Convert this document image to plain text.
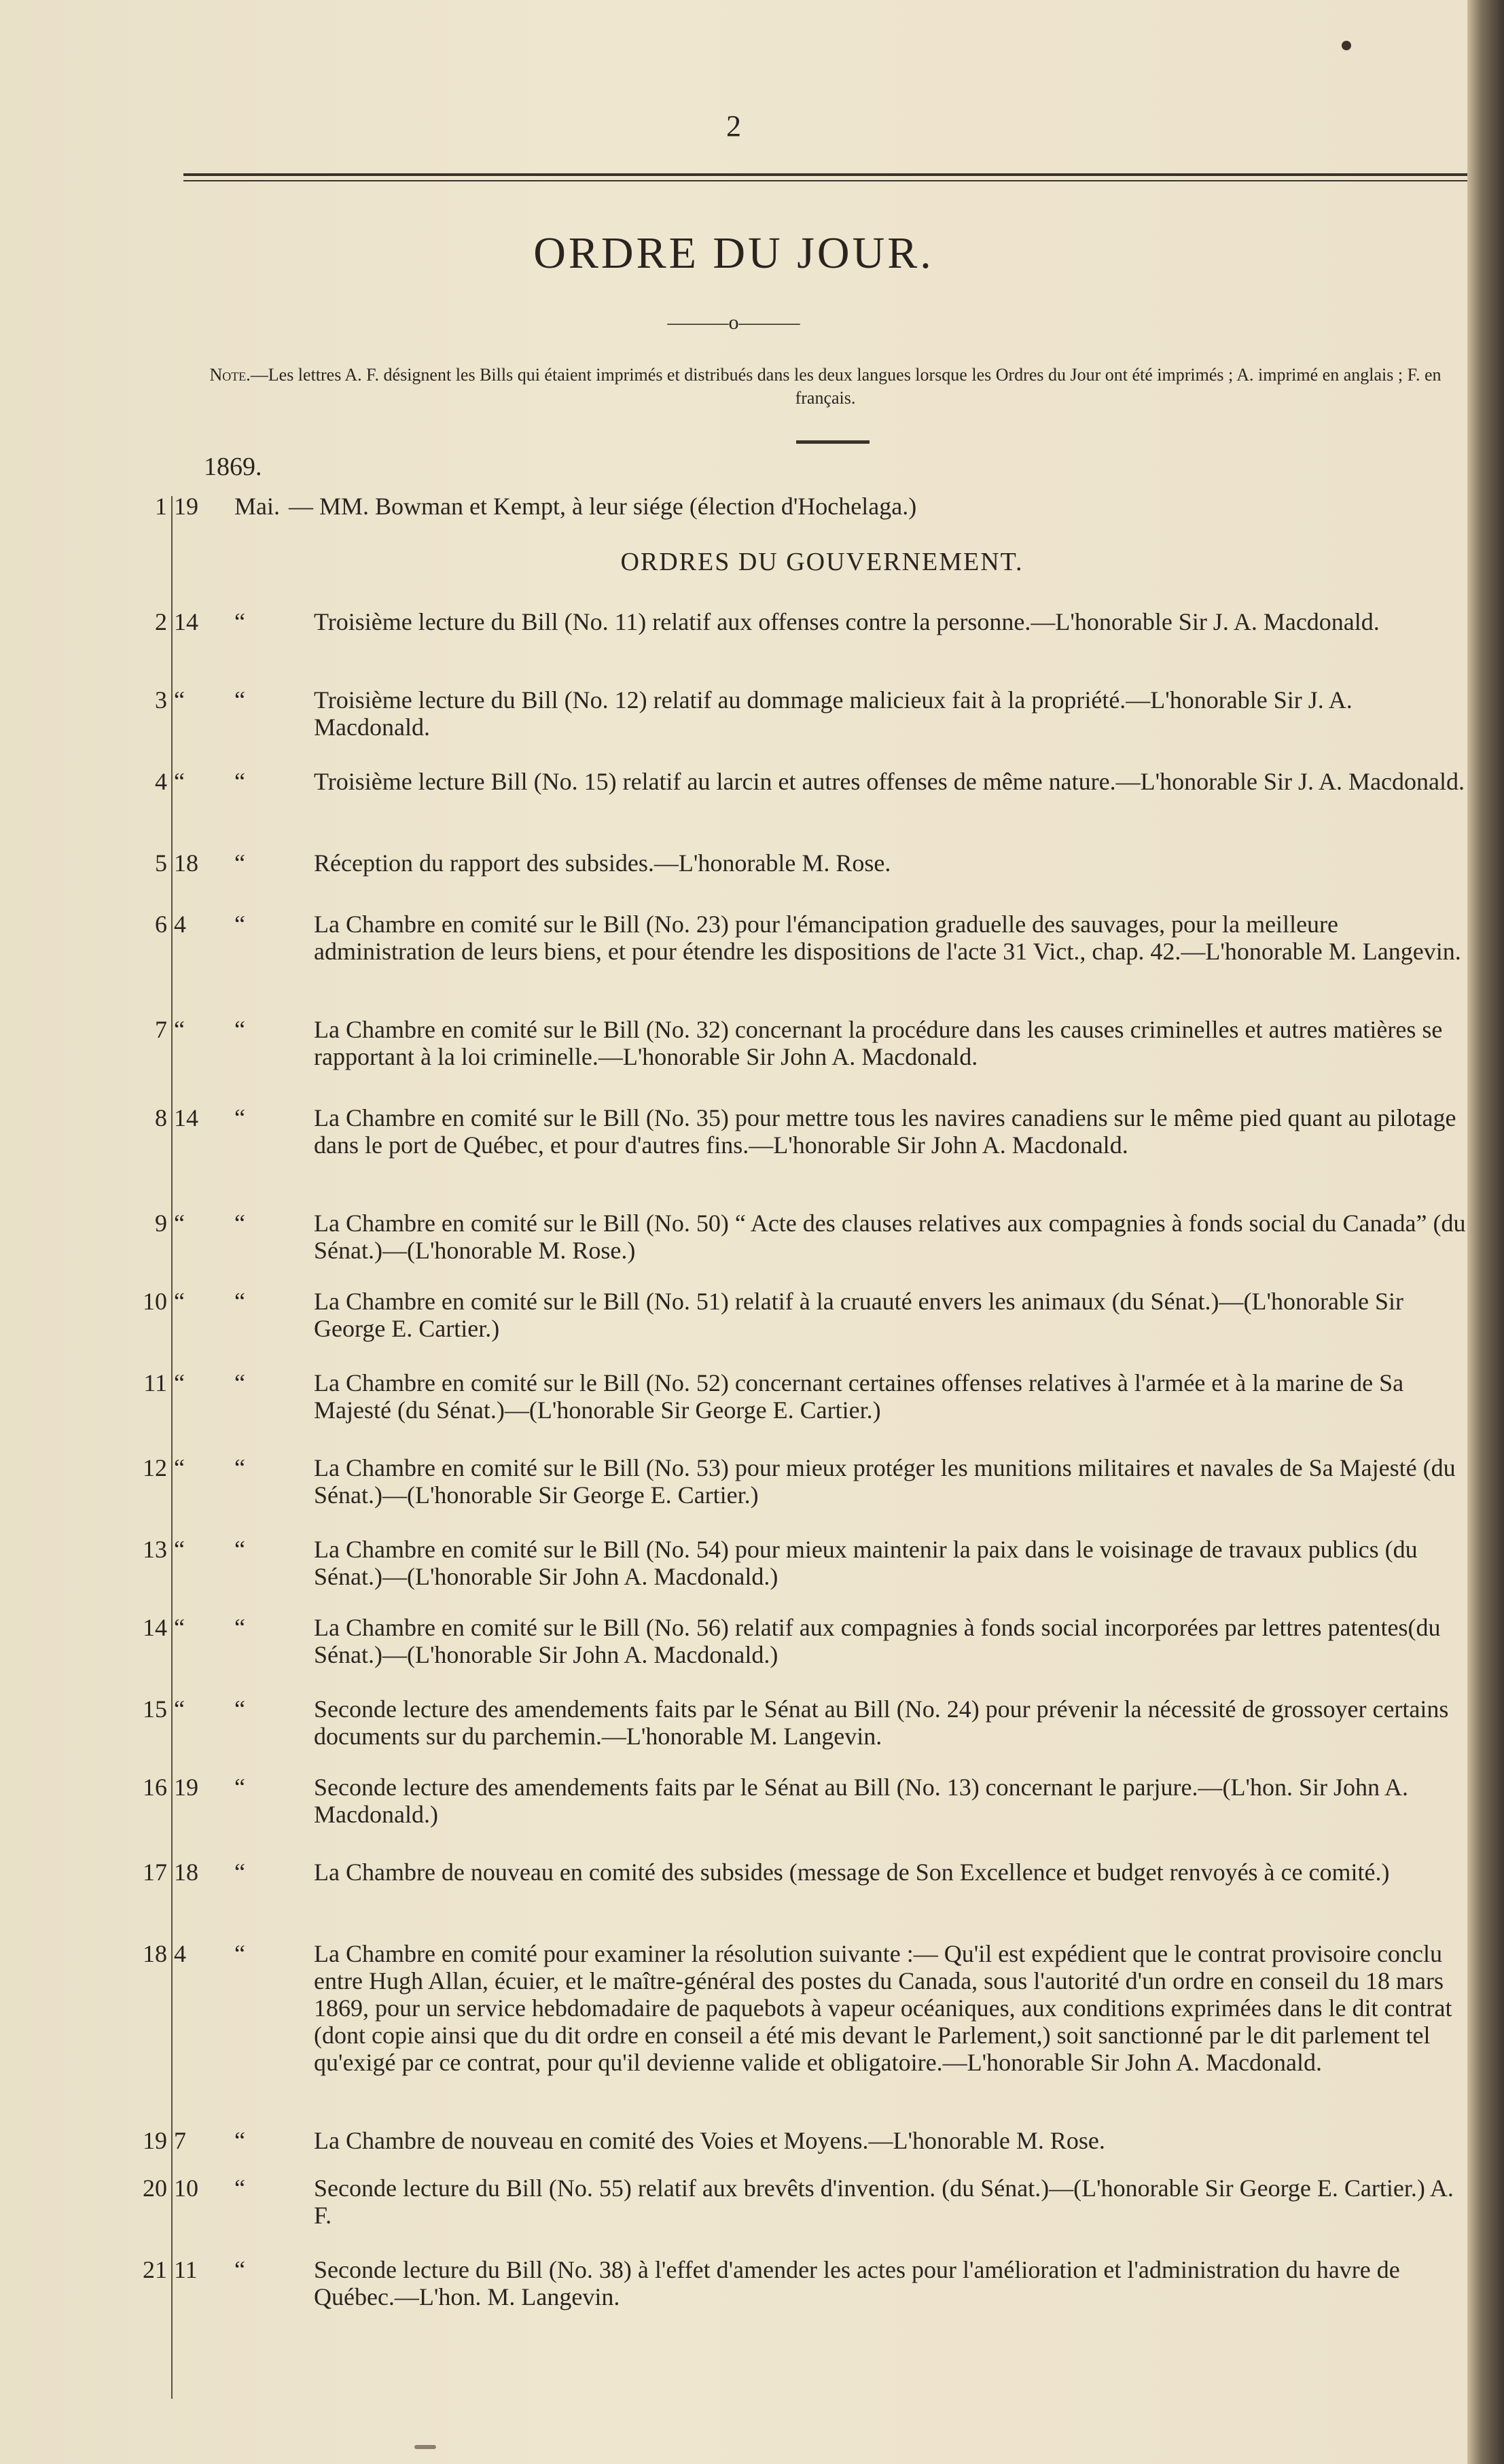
2
ORDRE DU JOUR.
———o———
Note.—Les lettres A. F. désignent les Bills qui étaient imprimés et distribués dans les deux langues lorsque les Ordres du Jour ont été imprimés ; A. imprimé en anglais ; F. en français.
1869.
ORDRES DU GOUVERNEMENT.
1 19	Mai. — MM. Bowman et Kempt, à leur siége (élection d'Hochelaga.)
2 14	“	Troisième lecture du Bill (No. 11) relatif aux offenses contre la personne.—L'honorable Sir J. A. Macdonald.
3 “	“	Troisième lecture du Bill (No. 12) relatif au dommage malicieux fait à la propriété.—L'honorable Sir J. A. Macdonald.
4 “	“	Troisième lecture Bill (No. 15) relatif au larcin et autres offenses de même nature.—L'honorable Sir J. A. Macdonald.
5 18	“	Réception du rapport des subsides.—L'honorable M. Rose.
6 4	“	La Chambre en comité sur le Bill (No. 23) pour l'émancipation graduelle des sauvages, pour la meilleure administration de leurs biens, et pour étendre les dispositions de l'acte 31 Vict., chap. 42.—L'honorable M. Langevin.
7 “	“	La Chambre en comité sur le Bill (No. 32) concernant la procédure dans les causes criminelles et autres matières se rapportant à la loi criminelle.—L'honorable Sir John A. Macdonald.
8 14	“	La Chambre en comité sur le Bill (No. 35) pour mettre tous les navires canadiens sur le même pied quant au pilotage dans le port de Québec, et pour d'autres fins.—L'honorable Sir John A. Macdonald.
9 “	“	La Chambre en comité sur le Bill (No. 50) “ Acte des clauses relatives aux compagnies à fonds social du Canada” (du Sénat.)—(L'honorable M. Rose.)
10 “	“	La Chambre en comité sur le Bill (No. 51) relatif à la cruauté envers les animaux (du Sénat.)—(L'honorable Sir George E. Cartier.)
11 “	“	La Chambre en comité sur le Bill (No. 52) concernant certaines offenses relatives à l'armée et à la marine de Sa Majesté (du Sénat.)—(L'honorable Sir George E. Cartier.)
12 “	“	La Chambre en comité sur le Bill (No. 53) pour mieux protéger les munitions militaires et navales de Sa Majesté (du Sénat.)—(L'honorable Sir George E. Cartier.)
13 “	“	La Chambre en comité sur le Bill (No. 54) pour mieux maintenir la paix dans le voisinage de travaux publics (du Sénat.)—(L'honorable Sir John A. Macdonald.)
14 “	“	La Chambre en comité sur le Bill (No. 56) relatif aux compagnies à fonds social incorporées par lettres patentes(du Sénat.)—(L'honorable Sir John A. Macdonald.)
15 “	“	Seconde lecture des amendements faits par le Sénat au Bill (No. 24) pour prévenir la nécessité de grossoyer certains documents sur du parchemin.—L'honorable M. Langevin.
16 19	“	Seconde lecture des amendements faits par le Sénat au Bill (No. 13) concernant le parjure.—(L'hon. Sir John A. Macdonald.)
17 18	“	La Chambre de nouveau en comité des subsides (message de Son Excellence et budget renvoyés à ce comité.)
18 4	“	La Chambre en comité pour examiner la résolution suivante :— Qu'il est expédient que le contrat provisoire conclu entre Hugh Allan, écuier, et le maître-général des postes du Canada, sous l'autorité d'un ordre en conseil du 18 mars 1869, pour un service hebdomadaire de paquebots à vapeur océaniques, aux conditions exprimées dans le dit contrat (dont copie ainsi que du dit ordre en conseil a été mis devant le Parlement,) soit sanctionné par le dit parlement tel qu'exigé par ce contrat, pour qu'il devienne valide et obligatoire.—L'honorable Sir John A. Macdonald.
19 7	“	La Chambre de nouveau en comité des Voies et Moyens.—L'honorable M. Rose.
20 10	“	Seconde lecture du Bill (No. 55) relatif aux brevêts d'invention. (du Sénat.)—(L'honorable Sir George E. Cartier.) A. F.
21 11	“	Seconde lecture du Bill (No. 38) à l'effet d'amender les actes pour l'amélioration et l'administration du havre de Québec.—L'hon. M. Langevin.
